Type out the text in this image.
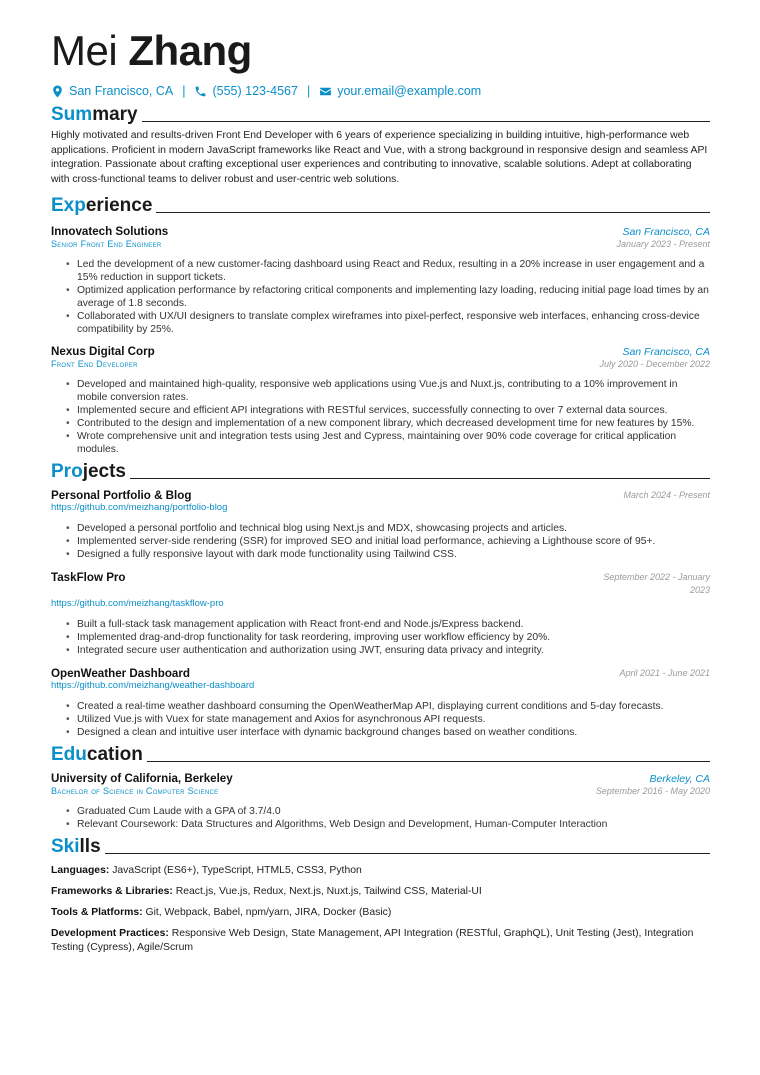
Mei Zhang
San Francisco, CA | (555) 123-4567 | your.email@example.com
Summary

Highly motivated and results-driven Front End Developer with 6 years of experience specializing in building intuitive, high-performance web applications. Proficient in modern JavaScript frameworks like React and Vue, with a strong background in responsive design and seamless API integration. Passionate about crafting exceptional user experiences and contributing to innovative, scalable solutions. Adept at collaborating with cross-functional teams to deliver robust and user-centric web solutions.

Experience
Innovatech Solutions	San Francisco, CA
Senior Front End Engineer	January 2023 - Present
• Led the development of a new customer-facing dashboard using React and Redux, resulting in a 20% increase in user engagement and a 15% reduction in support tickets.
• Optimized application performance by refactoring critical components and implementing lazy loading, reducing initial page load times by an average of 1.8 seconds.
• Collaborated with UX/UI designers to translate complex wireframes into pixel-perfect, responsive web interfaces, enhancing cross-device compatibility by 25%.
Nexus Digital Corp	San Francisco, CA
Front End Developer	July 2020 - December 2022
• Developed and maintained high-quality, responsive web applications using Vue.js and Nuxt.js, contributing to a 10% improvement in mobile conversion rates.
• Implemented secure and efficient API integrations with RESTful services, successfully connecting to over 7 external data sources.
• Contributed to the design and implementation of a new component library, which decreased development time for new features by 15%.
• Wrote comprehensive unit and integration tests using Jest and Cypress, maintaining over 90% code coverage for critical application modules.
Projects
Personal Portfolio & Blog	March 2024 - Present
https://github.com/meizhang/portfolio-blog
• Developed a personal portfolio and technical blog using Next.js and MDX, showcasing projects and articles.
• Implemented server-side rendering (SSR) for improved SEO and initial load performance, achieving a Lighthouse score of 95+.
• Designed a fully responsive layout with dark mode functionality using Tailwind CSS.
TaskFlow Pro	September 2022 - January 2023
https://github.com/meizhang/taskflow-pro
• Built a full-stack task management application with React front-end and Node.js/Express backend.
• Implemented drag-and-drop functionality for task reordering, improving user workflow efficiency by 20%.
• Integrated secure user authentication and authorization using JWT, ensuring data privacy and integrity.
OpenWeather Dashboard	April 2021 - June 2021
https://github.com/meizhang/weather-dashboard
• Created a real-time weather dashboard consuming the OpenWeatherMap API, displaying current conditions and 5-day forecasts.
• Utilized Vue.js with Vuex for state management and Axios for asynchronous API requests.
• Designed a clean and intuitive user interface with dynamic background changes based on weather conditions.
Education
University of California, Berkeley	Berkeley, CA
Bachelor of Science in Computer Science	September 2016 - May 2020
• Graduated Cum Laude with a GPA of 3.7/4.0
• Relevant Coursework: Data Structures and Algorithms, Web Design and Development, Human-Computer Interaction
Skills
Languages: JavaScript (ES6+), TypeScript, HTML5, CSS3, Python
Frameworks & Libraries: React.js, Vue.js, Redux, Next.js, Nuxt.js, Tailwind CSS, Material-UI
Tools & Platforms: Git, Webpack, Babel, npm/yarn, JIRA, Docker (Basic)
Development Practices: Responsive Web Design, State Management, API Integration (RESTful, GraphQL), Unit Testing (Jest), Integration Testing (Cypress), Agile/Scrum
